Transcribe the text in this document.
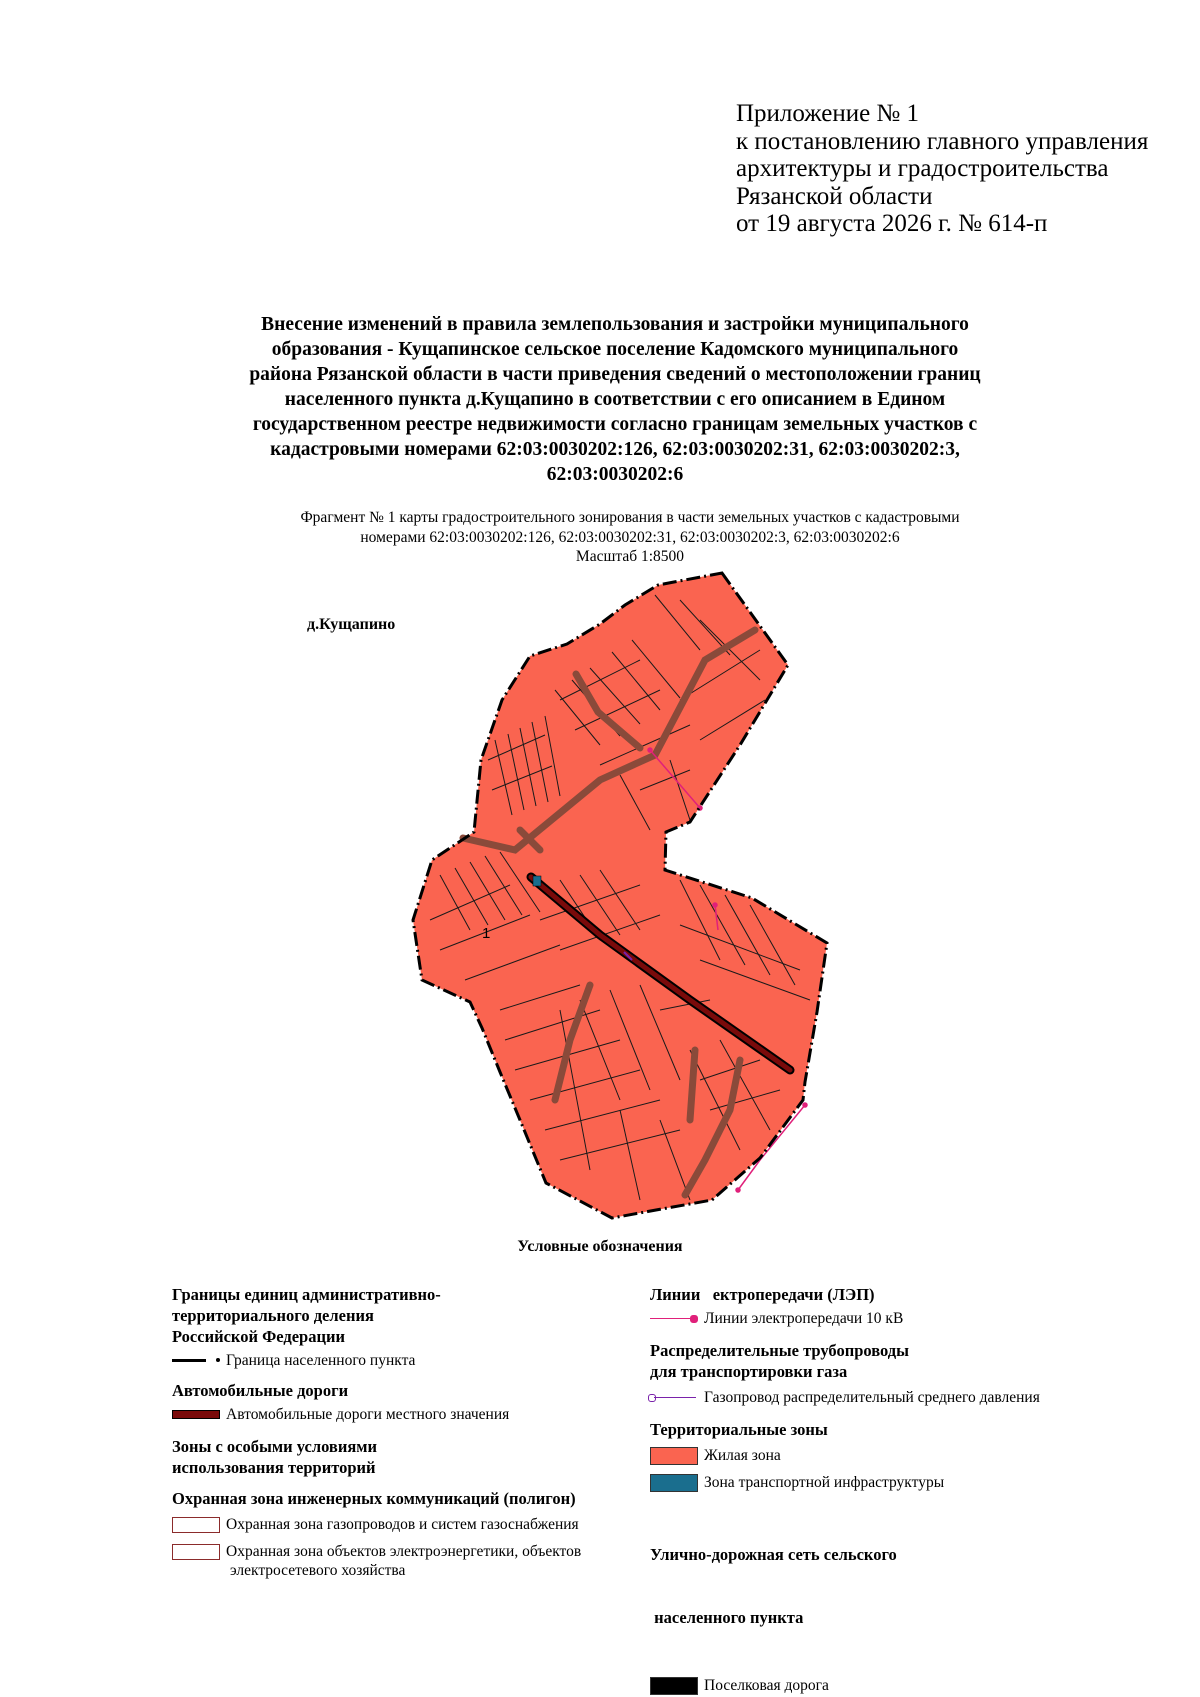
Приложение № 1
к постановлению главного управления
архитектуры и градостроительства
Рязанской области
от 19 августа 2026 г. № 614-п
Внесение изменений в правила землепользования и застройки муниципального
образования - Кущапинское сельское поселение Кадомского муниципального
района Рязанской области в части приведения сведений о местоположении границ
населенного пункта д.Кущапино в соответствии с его описанием в Едином
государственном реестре недвижимости согласно границам земельных участков с
кадастровыми номерами 62:03:0030202:126, 62:03:0030202:31, 62:03:0030202:3,
62:03:0030202:6
Фрагмент № 1 карты градостроительного зонирования в части земельных участков с кадастровыми
номерами 62:03:0030202:126, 62:03:0030202:31, 62:03:0030202:3, 62:03:0030202:6
Масштаб 1:8500
д.Кущапино
1
Условные обозначения
Границы единиц административно-
территориального деления
Российской Федерации
Граница населенного пункта
Автомобильные дороги
Автомобильные дороги местного значения
Зоны с особыми условиями
использования территорий
Охранная зона инженерных коммуникаций (полигон)
Охранная зона газопроводов и систем газоснабжения
Охранная зона объектов электроэнергетики, объектов
электросетевого хозяйства
Линии   ектропередачи (ЛЭП)
Линии электропередачи 10 кВ
Распределительные трубопроводы
для транспортировки газа
Газопровод распределительный среднего давления
Территориальные зоны
Жилая зона
Зона транспортной инфраструктуры

Улично-дорожная сеть сельского

населенного пункта

Поселковая дорога
